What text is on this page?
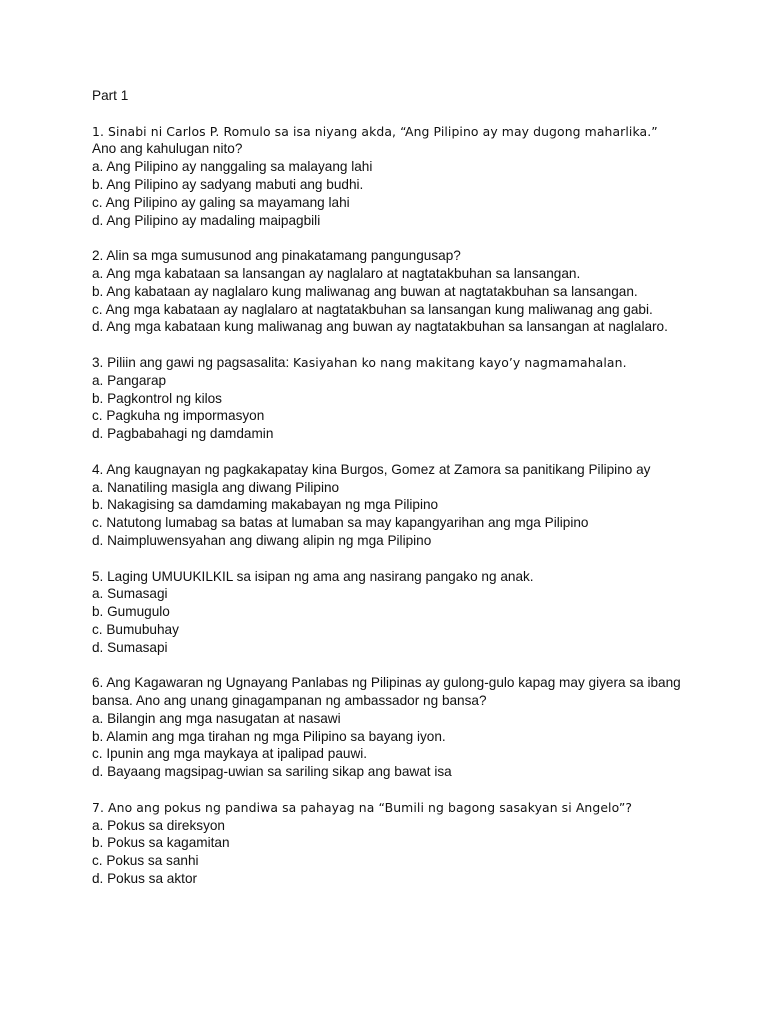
Part 1
1. Sinabi ni Carlos P. Romulo sa isa niyang akda, “Ang Pilipino ay may dugong maharlika.”
Ano ang kahulugan nito?
a. Ang Pilipino ay nanggaling sa malayang lahi
b. Ang Pilipino ay sadyang mabuti ang budhi.
c. Ang Pilipino ay galing sa mayamang lahi
d. Ang Pilipino ay madaling maipagbili
2. Alin sa mga sumusunod ang pinakatamang pangungusap?
a. Ang mga kabataan sa lansangan ay naglalaro at nagtatakbuhan sa lansangan.
b. Ang kabataan ay naglalaro kung maliwanag ang buwan at nagtatakbuhan sa lansangan.
c. Ang mga kabataan ay naglalaro at nagtatakbuhan sa lansangan kung maliwanag ang gabi.
d. Ang mga kabataan kung maliwanag ang buwan ay nagtatakbuhan sa lansangan at naglalaro.
3. Piliin ang gawi ng pagsasalita: Kasiyahan ko nang makitang kayo’y nagmamahalan.
a. Pangarap
b. Pagkontrol ng kilos
c. Pagkuha ng impormasyon
d. Pagbabahagi ng damdamin
4. Ang kaugnayan ng pagkakapatay kina Burgos, Gomez at Zamora sa panitikang Pilipino ay
a. Nanatiling masigla ang diwang Pilipino
b. Nakagising sa damdaming makabayan ng mga Pilipino
c. Natutong lumabag sa batas at lumaban sa may kapangyarihan ang mga Pilipino
d. Naimpluwensyahan ang diwang alipin ng mga Pilipino
5. Laging UMUUKILKIL sa isipan ng ama ang nasirang pangako ng anak.
a. Sumasagi
b. Gumugulo
c. Bumubuhay
d. Sumasapi
6. Ang Kagawaran ng Ugnayang Panlabas ng Pilipinas ay gulong-gulo kapag may giyera sa ibang bansa. Ano ang unang ginagampanan ng ambassador ng bansa?
a. Bilangin ang mga nasugatan at nasawi
b. Alamin ang mga tirahan ng mga Pilipino sa bayang iyon.
c. Ipunin ang mga maykaya at ipalipad pauwi.
d. Bayaang magsipag-uwian sa sariling sikap ang bawat isa
7. Ano ang pokus ng pandiwa sa pahayag na “Bumili ng bagong sasakyan si Angelo”?
a. Pokus sa direksyon
b. Pokus sa kagamitan
c. Pokus sa sanhi
d. Pokus sa aktor
